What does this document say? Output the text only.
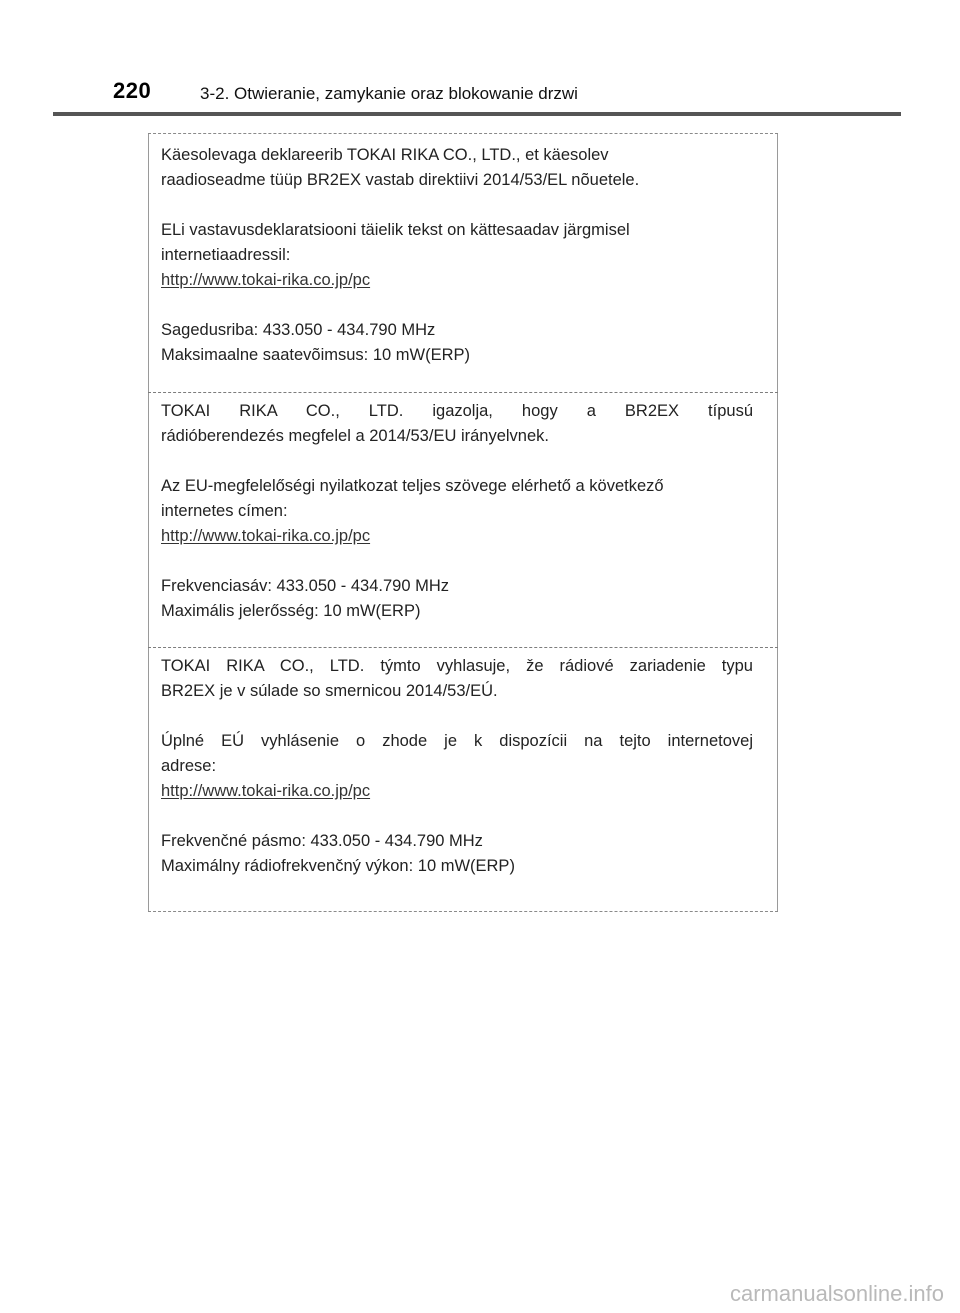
220	3-2. Otwieranie, zamykanie oraz blokowanie drzwi

Käesolevaga deklareerib TOKAI RIKA CO., LTD., et käesolev

raadioseadme tüüp BR2EX vastab direktiivi 2014/53/EL nõuetele.

ELi vastavusdeklaratsiooni täielik tekst on kättesaadav järgmisel

internetiaadressil:

http://www.tokai-rika.co.jp/pc

Sagedusriba: 433.050 - 434.790 MHz

Maksimaalne saatevõimsus: 10 mW(ERP)

TOKAI RIKA CO., LTD. igazolja, hogy a BR2EX típusú

rádióberendezés megfelel a 2014/53/EU irányelvnek.

Az EU-megfelelőségi nyilatkozat teljes szövege elérhető a következő

internetes címen:

http://www.tokai-rika.co.jp/pc

Frekvenciasáv: 433.050 - 434.790 MHz

Maximális jelerősség: 10 mW(ERP)

TOKAI RIKA CO., LTD. týmto vyhlasuje, že rádiové zariadenie typu

BR2EX je v súlade so smernicou 2014/53/EÚ.

Úplné EÚ vyhlásenie o zhode je k dispozícii na tejto internetovej

adrese:

http://www.tokai-rika.co.jp/pc

Frekvenčné pásmo: 433.050 - 434.790 MHz

Maximálny rádiofrekvenčný výkon: 10 mW(ERP)

carmanualsonline.info
